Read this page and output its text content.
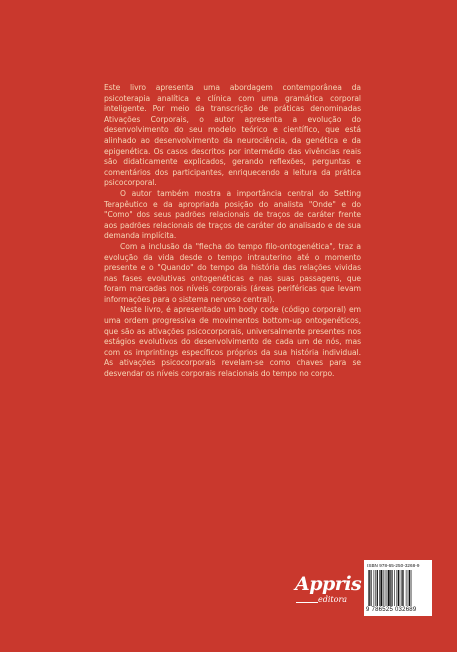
Este livro apresenta uma abordagem contemporânea da psicoterapia analítica e clínica com uma gramática corporal inteligente. Por meio da transcrição de práticas denominadas Ativações Corporais, o autor apresenta a evolução do desenvolvimento do seu modelo teórico e científico, que está alinhado ao desenvolvimento da neurociência, da genética e da epigenética. Os casos descritos por intermédio das vivências reais são didaticamente explicados, gerando reflexões, perguntas e comentários dos participantes, enriquecendo a leitura da prática psicocorporal.

O autor também mostra a importância central do Setting Terapêutico e da apropriada posição do analista "Onde" e do "Como" dos seus padrões relacionais de traços de caráter frente aos padrões relacionais de traços de caráter do analisado e de sua demanda implícita.

Com a inclusão da "flecha do tempo filo-ontogenética", traz a evolução da vida desde o tempo intrauterino até o momento presente e o "Quando" do tempo da história das relações vividas nas fases evolutivas ontogenéticas e nas suas passagens, que foram marcadas nos níveis corporais (áreas periféricas que levam informações para o sistema nervoso central).

Neste livro, é apresentado um body code (código corporal) em uma ordem progressiva de movimentos bottom-up ontogenéticos, que são as ativações psicocorporais, universalmente presentes nos estágios evolutivos do desenvolvimento de cada um de nós, mas com os imprintings específicos próprios da sua história individual. As ativações psicocorporais revelam-se como chaves para se desvendar os níveis corporais relacionais do tempo no corpo.

Appris
editora
ISBN 978-65-250-3268-9
9 786525 032689
